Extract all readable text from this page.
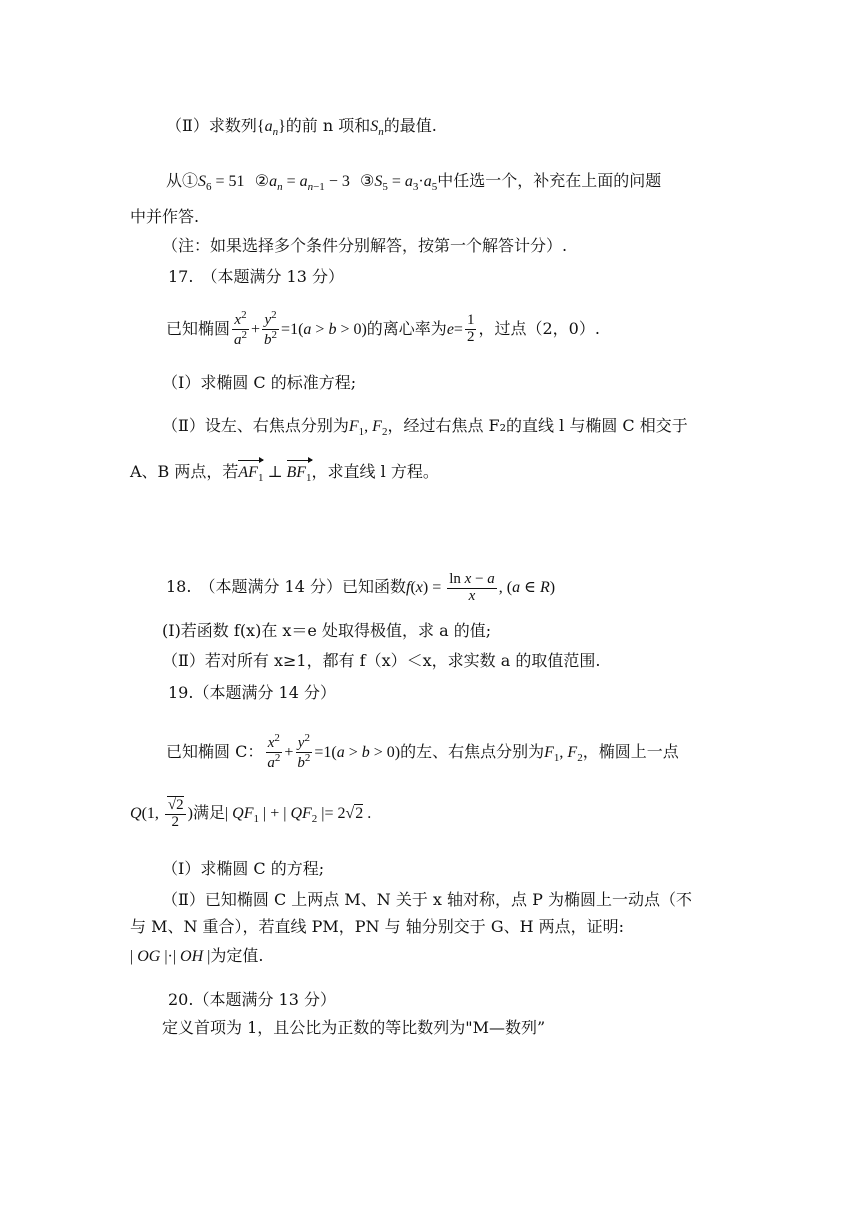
（Ⅱ）求数列$\{a_n\}$的前 n 项和$S_n$的最值.
从$①S_6 = 51$  $②a_n = a_{n-1} - 3$  $③S_5 = a_3\cdot a_5$中任选一个，补充在上面的问题
中并作答.
（注：如果选择多个条件分别解答，按第一个解答计分）.
17.　（本题满分 13 分）
已知椭圆 $\frac{x^2}{a^2} + \frac{y^2}{b^2} =1(a > b > 0)$的离心率为$e= \frac{1}{2}$ ，过点（2，0）.
（Ⅰ）求椭圆 C 的标准方程;
（Ⅱ）设左、右焦点分别为$F_1$, $F_2$，经过右焦点 F₂的直线 l 与椭圆 C 相交于
A、B 两点，若$AF_1$ ⊥ $BF_1$，求直线 l 方程。
18.　（本题满分 14 分）已知函数$f(x) = \frac{\text{ln x − a}}{x}$ , (a ∈ R)
(Ⅰ)若函数 f(x)在 x＝e 处取得极值，求 a 的值;
（Ⅱ）若对所有 x≥1，都有 f（x）＜x，求实数 a 的取值范围.
19.（本题满分 14 分）
已知椭圆 C： $\frac{x^2}{a^2} + \frac{y^2}{b^2} =1(a > b > 0)$的左、右焦点分别为$F_1$, $F_2$，椭圆上一点
Q(1, $\frac{√2}{2}$ )满足| $QF_1$ | + | $QF_2$ |= 2√2 .
（I）求椭圆 C 的方程;
（Ⅱ）已知椭圆 C 上两点 M、N 关于 x 轴对称，点 P 为椭圆上一动点（不
与 M、N 重合），若直线 PM，PN 与 轴分别交于 G、H 两点，证明:
| OG |·| OH |为定值.
20.（本题满分 13 分）
定义首项为 1，且公比为正数的等比数列为"M—数列”
